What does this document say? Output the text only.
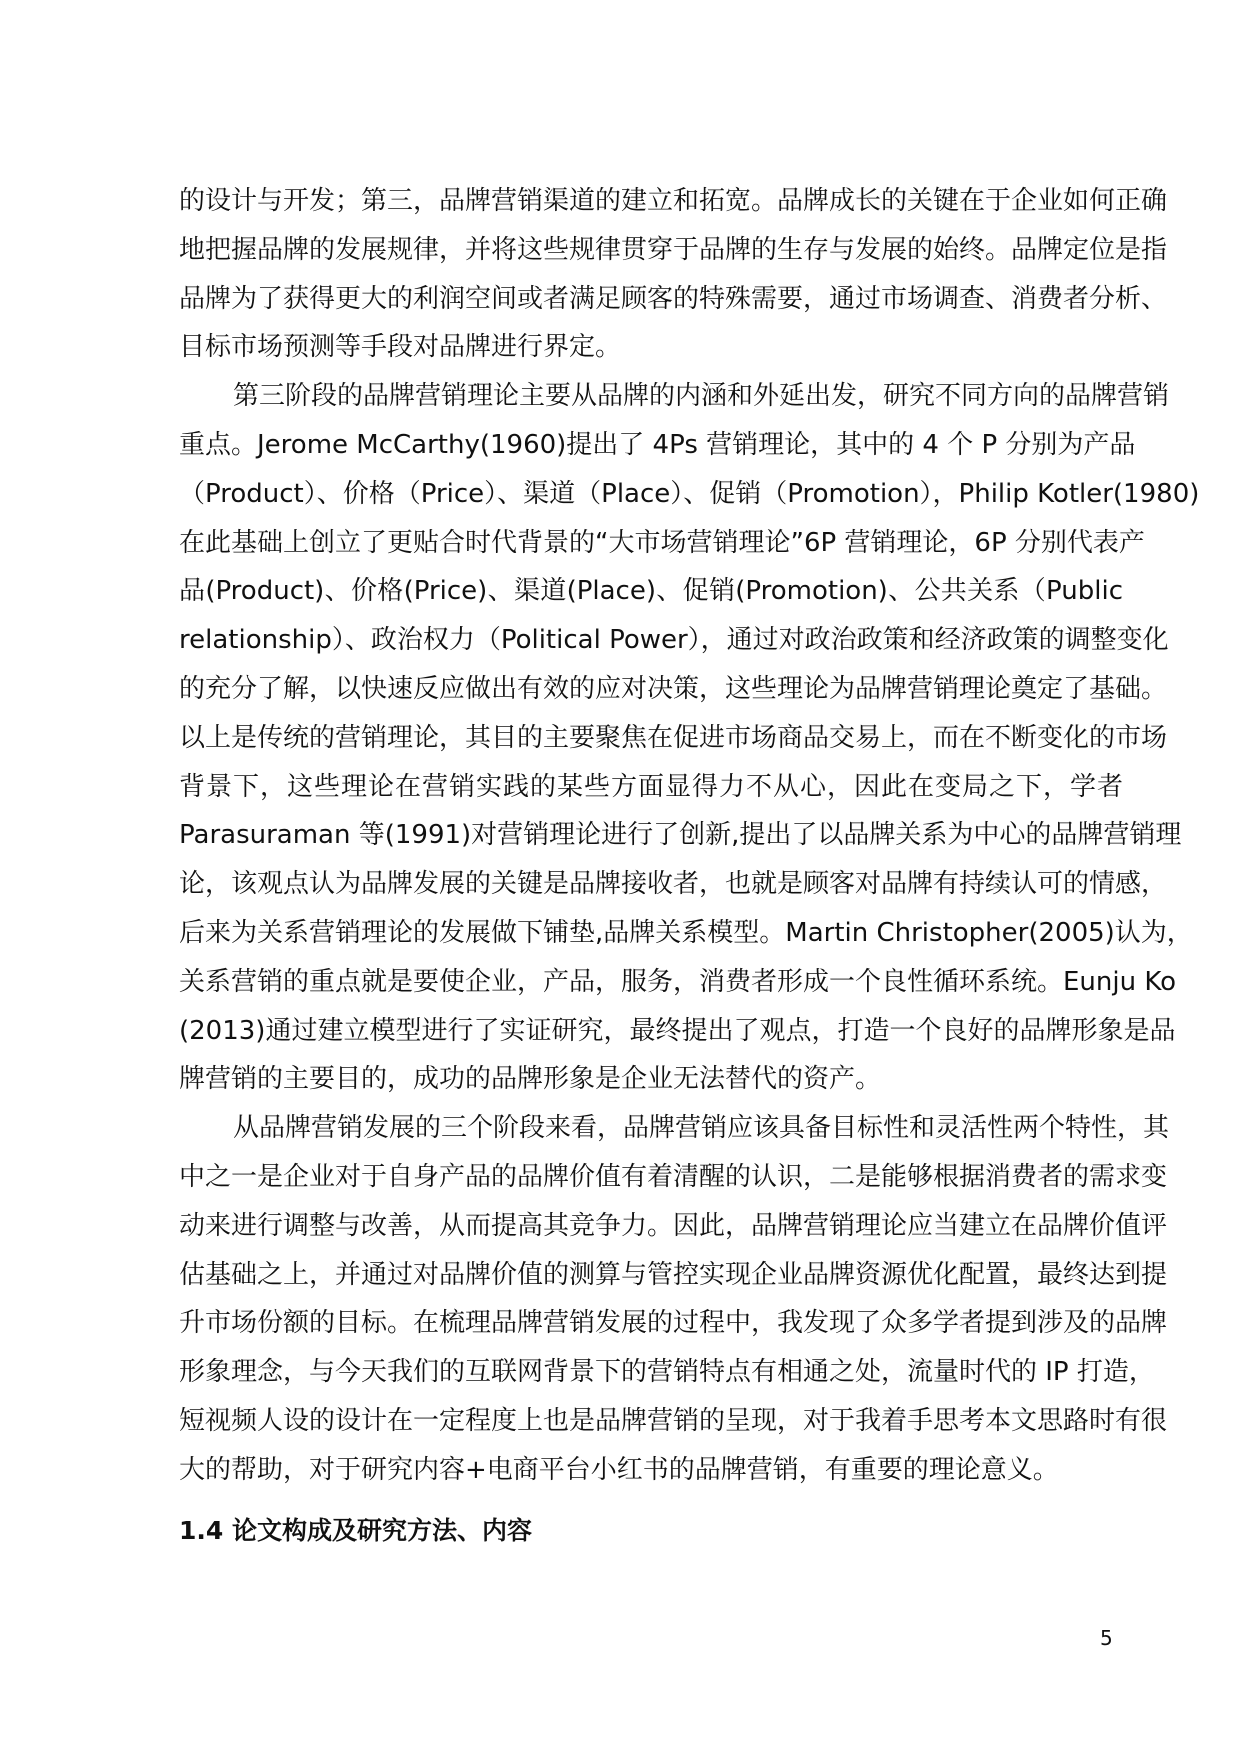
的设计与开发；第三，品牌营销渠道的建立和拓宽。品牌成长的关键在于企业如何正确
地把握品牌的发展规律，并将这些规律贯穿于品牌的生存与发展的始终。品牌定位是指
品牌为了获得更大的利润空间或者满足顾客的特殊需要，通过市场调查、消费者分析、
目标市场预测等手段对品牌进行界定。
第三阶段的品牌营销理论主要从品牌的内涵和外延出发，研究不同方向的品牌营销
重点。Jerome McCarthy(1960)提出了 4Ps 营销理论，其中的 4 个 P 分别为产品
（Product）、价格（Price）、渠道（Place）、促销（Promotion），Philip Kotler(1980)
在此基础上创立了更贴合时代背景的“大市场营销理论”6P 营销理论，6P 分别代表产
品(Product)、价格(Price)、渠道(Place)、促销(Promotion)、公共关系（Public
relationship）、政治权力（Political Power），通过对政治政策和经济政策的调整变化
的充分了解，以快速反应做出有效的应对决策，这些理论为品牌营销理论奠定了基础。
以上是传统的营销理论，其目的主要聚焦在促进市场商品交易上，而在不断变化的市场
背景下，这些理论在营销实践的某些方面显得力不从心，因此在变局之下，学者
Parasuraman 等(1991)对营销理论进行了创新,提出了以品牌关系为中心的品牌营销理
论，该观点认为品牌发展的关键是品牌接收者，也就是顾客对品牌有持续认可的情感，
后来为关系营销理论的发展做下铺垫,品牌关系模型。Martin Christopher(2005)认为，
关系营销的重点就是要使企业，产品，服务，消费者形成一个良性循环系统。Eunju Ko
(2013)通过建立模型进行了实证研究，最终提出了观点，打造一个良好的品牌形象是品
牌营销的主要目的，成功的品牌形象是企业无法替代的资产。
从品牌营销发展的三个阶段来看，品牌营销应该具备目标性和灵活性两个特性，其
中之一是企业对于自身产品的品牌价值有着清醒的认识，二是能够根据消费者的需求变
动来进行调整与改善，从而提高其竞争力。因此，品牌营销理论应当建立在品牌价值评
估基础之上，并通过对品牌价值的测算与管控实现企业品牌资源优化配置，最终达到提
升市场份额的目标。在梳理品牌营销发展的过程中，我发现了众多学者提到涉及的品牌
形象理念，与今天我们的互联网背景下的营销特点有相通之处，流量时代的 IP 打造，
短视频人设的设计在一定程度上也是品牌营销的呈现，对于我着手思考本文思路时有很
大的帮助，对于研究内容+电商平台小红书的品牌营销，有重要的理论意义。
1.4 论文构成及研究方法、内容
5
